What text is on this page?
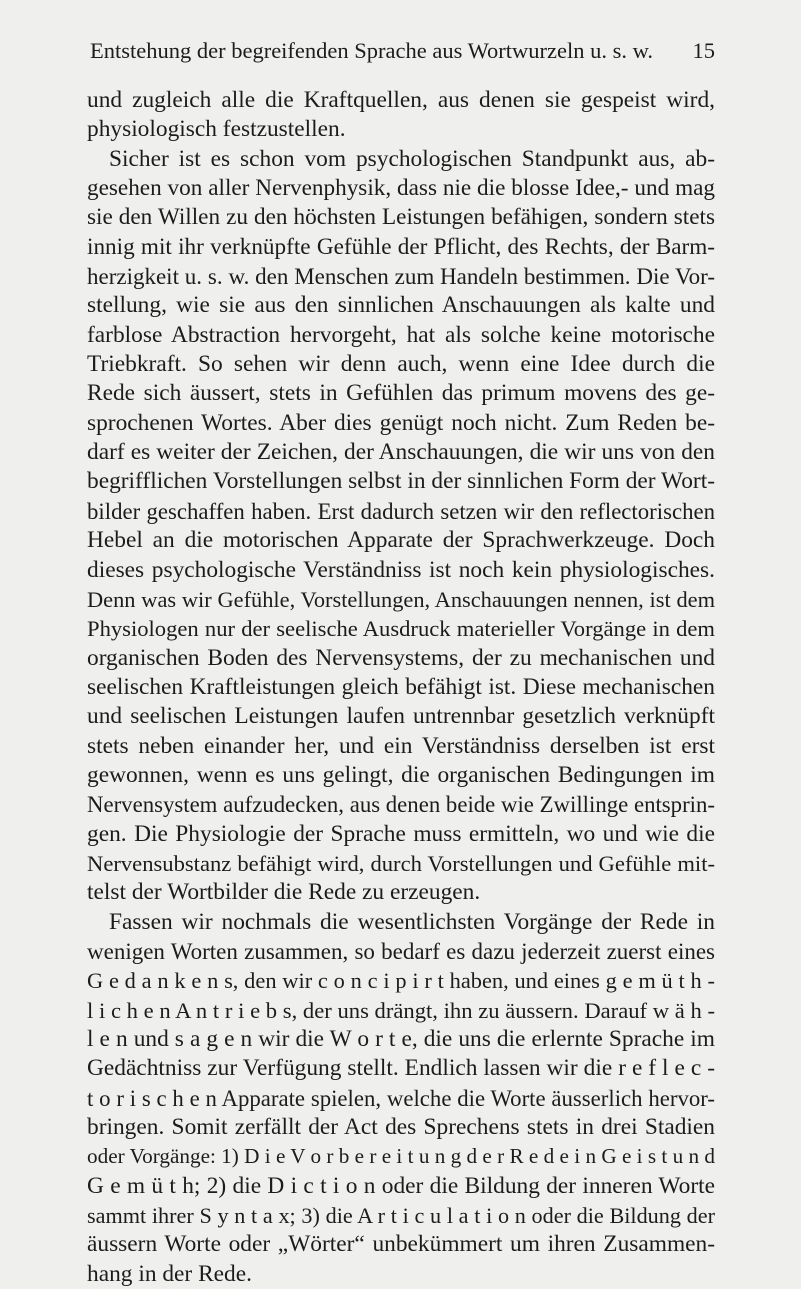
Entstehung der begreifenden Sprache aus Wortwurzeln u. s. w. 15
und zugleich alle die Kraftquellen, aus denen sie gespeist wird,
physiologisch festzustellen.
Sicher ist es schon vom psychologischen Standpunkt aus, ab-
gesehen von aller Nervenphysik, dass nie die blosse Idee,- und mag
sie den Willen zu den höchsten Leistungen befähigen, sondern stets
innig mit ihr verknüpfte Gefühle der Pflicht, des Rechts, der Barm-
herzigkeit u. s. w. den Menschen zum Handeln bestimmen. Die Vor-
stellung, wie sie aus den sinnlichen Anschauungen als kalte und
farblose Abstraction hervorgeht, hat als solche keine motorische
Triebkraft. So sehen wir denn auch, wenn eine Idee durch die
Rede sich äussert, stets in Gefühlen das primum movens des ge-
sprochenen Wortes. Aber dies genügt noch nicht. Zum Reden be-
darf es weiter der Zeichen, der Anschauungen, die wir uns von den
begrifflichen Vorstellungen selbst in der sinnlichen Form der Wort-
bilder geschaffen haben. Erst dadurch setzen wir den reflectorischen
Hebel an die motorischen Apparate der Sprachwerkzeuge. Doch
dieses psychologische Verständniss ist noch kein physiologisches.
Denn was wir Gefühle, Vorstellungen, Anschauungen nennen, ist dem
Physiologen nur der seelische Ausdruck materieller Vorgänge in dem
organischen Boden des Nervensystems, der zu mechanischen und
seelischen Kraftleistungen gleich befähigt ist. Diese mechanischen
und seelischen Leistungen laufen untrennbar gesetzlich verknüpft
stets neben einander her, und ein Verständniss derselben ist erst
gewonnen, wenn es uns gelingt, die organischen Bedingungen im
Nervensystem aufzudecken, aus denen beide wie Zwillinge entsprin-
gen. Die Physiologie der Sprache muss ermitteln, wo und wie die
Nervensubstanz befähigt wird, durch Vorstellungen und Gefühle mit-
telst der Wortbilder die Rede zu erzeugen.
Fassen wir nochmals die wesentlichsten Vorgänge der Rede in
wenigen Worten zusammen, so bedarf es dazu jederzeit zuerst eines
G e d a n k e n s, den wir c o n c i p i r t haben, und eines g e m ü t h -
l i c h e n A n t r i e b s, der uns drängt, ihn zu äussern. Darauf w ä h -
l e n und s a g e n wir die W o r t e, die uns die erlernte Sprache im
Gedächtniss zur Verfügung stellt. Endlich lassen wir die r e f l e c -
t o r i s c h e n Apparate spielen, welche die Worte äusserlich hervor-
bringen. Somit zerfällt der Act des Sprechens stets in drei Stadien
oder Vorgänge: 1) D i e V o r b e r e i t u n g d e r R e d e i n G e i s t u n d
G e m ü t h; 2) die D i c t i o n oder die Bildung der inneren Worte
sammt ihrer S y n t a x; 3) die A r t i c u l a t i o n oder die Bildung der
äussern Worte oder „Wörter“ unbekümmert um ihren Zusammen-
hang in der Rede.
